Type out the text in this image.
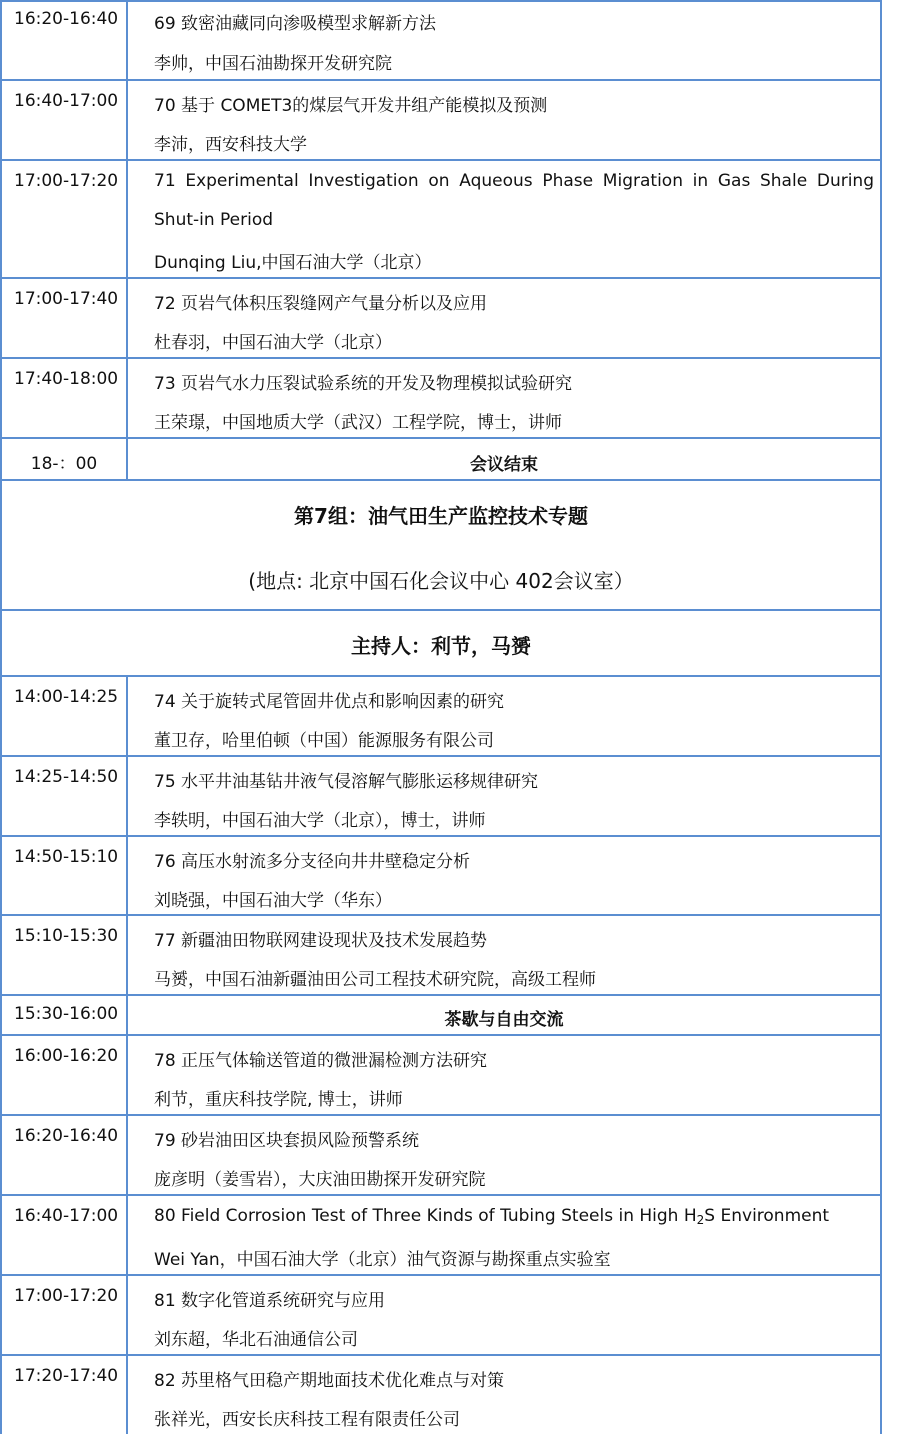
16:20-16:40 69 致密油藏同向渗吸模型求解新方法
李帅，中国石油勘探开发研究院
16:40-17:00 70 基于 COMET3的煤层气开发井组产能模拟及预测
李沛，西安科技大学
17:00-17:20 71 Experimental Investigation on Aqueous Phase Migration in Gas Shale During Shut-in Period
Dunqing Liu,中国石油大学（北京）
17:00-17:40 72 页岩气体积压裂缝网产气量分析以及应用
杜春羽，中国石油大学（北京）
17:40-18:00 73 页岩气水力压裂试验系统的开发及物理模拟试验研究
王荣璟，中国地质大学（武汉）工程学院，博士，讲师
18-：00	会议结束
第7组：油气田生产监控技术专题
(地点: 北京中国石化会议中心 402会议室）
主持人：利节，马赟
14:00-14:25 74 关于旋转式尾管固井优点和影响因素的研究
董卫存，哈里伯顿（中国）能源服务有限公司
14:25-14:50 75 水平井油基钻井液气侵溶解气膨胀运移规律研究
李轶明，中国石油大学（北京），博士，讲师
14:50-15:10 76 高压水射流多分支径向井井壁稳定分析
刘晓强，中国石油大学（华东）
15:10-15:30 77 新疆油田物联网建设现状及技术发展趋势
马赟，中国石油新疆油田公司工程技术研究院，高级工程师
15:30-16:00	茶歇与自由交流
16:00-16:20 78 正压气体输送管道的微泄漏检测方法研究
利节，重庆科技学院, 博士，讲师
16:20-16:40 79 砂岩油田区块套损风险预警系统
庞彦明（姜雪岩），大庆油田勘探开发研究院
16:40-17:00 80 Field Corrosion Test of Three Kinds of Tubing Steels in High $H_2S$ Environment
Wei Yan，中国石油大学（北京）油气资源与勘探重点实验室
17:00-17:20 81 数字化管道系统研究与应用
刘东超，华北石油通信公司
17:20-17:40 82 苏里格气田稳产期地面技术优化难点与对策
张祥光，西安长庆科技工程有限责任公司
